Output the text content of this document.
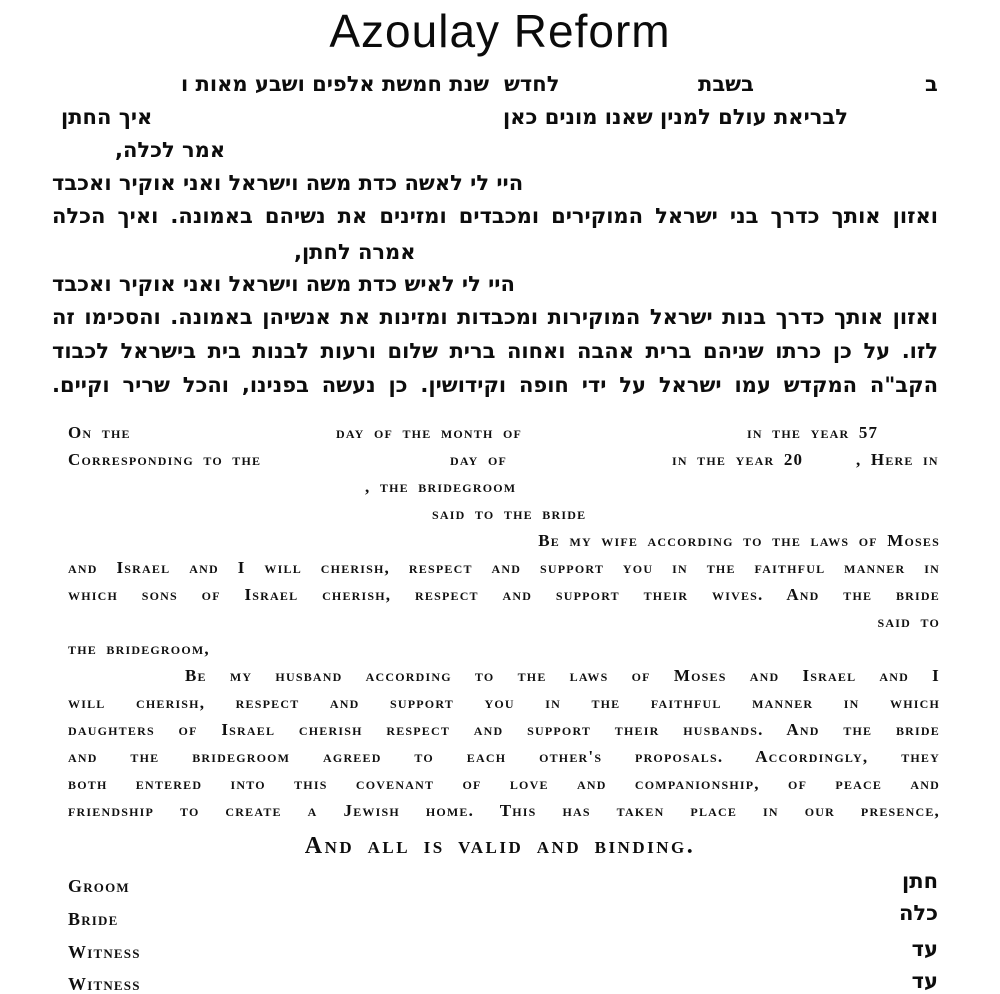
Azoulay Reform
ב
בשבת
לחדש
שנת חמשת אלפים ושבע מאות ו
לבריאת עולם למנין שאנו מונים כאן
איך החתן
אמר לכלה,
היי לי לאשה כדת משה וישראל ואני אוקיר ואכבד
ואזון אותך כדרך בני ישראל המוקירים ומכבדים ומזינים את נשיהם באמונה. ואיך הכלה
אמרה לחתן,
היי לי לאיש כדת משה וישראל ואני אוקיר ואכבד
ואזון אותך כדרך בנות ישראל המוקירות ומכבדות ומזינות את אנשיהן באמונה. והסכימו זה
לזו. על כן כרתו שניהם ברית אהבה ואחוה ברית שלום ורעות לבנות בית בישראל לכבוד
הקב"ה המקדש עמו ישראל על ידי חופה וקידושין. כן נעשה בפנינו, והכל שריר וקיים.
On the	day of the month of	in the year 57
Corresponding to the	day of	in the year 20	, Here in
, the bridegroom
said to the bride
Be my wife according to the laws of Moses
and Israel and I will cherish, respect and support you in the faithful manner in
which sons of Israel cherish, respect and support their wives. And the bride
said to
the bridegroom,
Be my husband according to the laws of Moses and Israel and I
will cherish, respect and support you in the faithful manner in which
daughters of Israel cherish respect and support their husbands. And the bride
and the bridegroom agreed to each other's proposals. Accordingly, they
both entered into this covenant of love and companionship, of peace and
friendship to create a Jewish home. This has taken place in our presence,
And all is valid and binding.
Groom	חתן
Bride	כלה
Witness	עד
Witness	עד
